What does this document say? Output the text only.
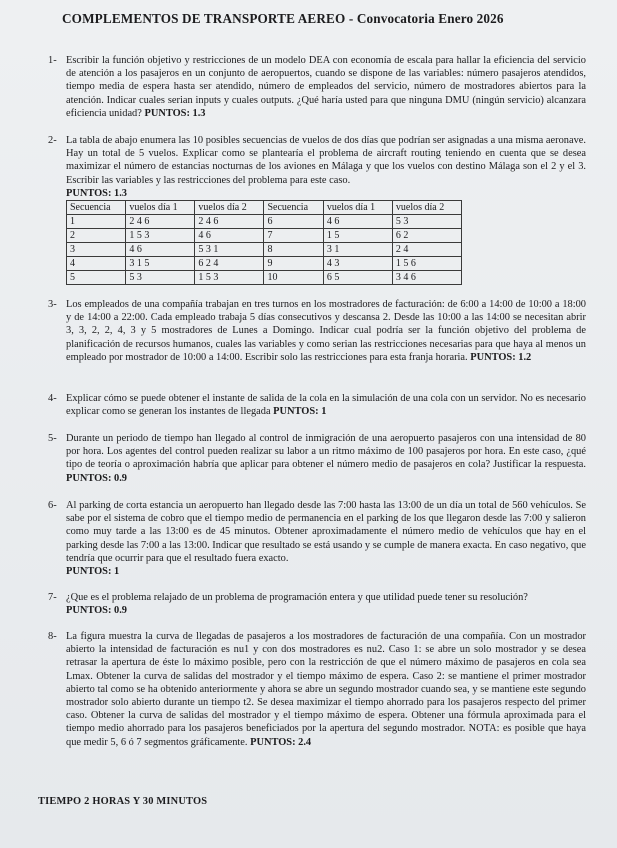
COMPLEMENTOS DE TRANSPORTE AEREO - Convocatoria Enero 2026
1- Escribir la función objetivo y restricciones de un modelo DEA con economía de escala para hallar la eficiencia del servicio de atención a los pasajeros en un conjunto de aeropuertos, cuando se dispone de las variables: número pasajeros atendidos, tiempo media de espera hasta ser atendido, número de empleados del servicio, número de mostradores abiertos para la atención. Indicar cuales serian inputs y cuales outputs. ¿Qué haría usted para que ninguna DMU (ningún servicio) alcanzara eficiencia unidad? PUNTOS: 1.3
2- La tabla de abajo enumera las 10 posibles secuencias de vuelos de dos días que podrían ser asignadas a una misma aeronave. Hay un total de 5 vuelos. Explicar como se plantearía el problema de aircraft routing teniendo en cuenta que se desea maximizar el número de estancias nocturnas de los aviones en Málaga y que los vuelos con destino Málaga son el 2 y el 3. Escribir las variables y las restricciones del problema para este caso.
PUNTOS: 1.3
Secuencia	vuelos día 1	vuelos día 2	Secuencia	vuelos día 1	vuelos día 2
1	2 4 6	2 4 6	6	4 6	5 3
2	1 5 3	4 6	7	1 5	6 2
3	4 6	5 3 1	8	3 1	2 4
4	3 1 5	6 2 4	9	4 3	1 5 6
5	5 3	1 5 3	10	6 5	3 4 6
3- Los empleados de una compañía trabajan en tres turnos en los mostradores de facturación: de 6:00 a 14:00 de 10:00 a 18:00 y de 14:00 a 22:00. Cada empleado trabaja 5 días consecutivos y descansa 2. Desde las 10:00 a las 14:00 se necesitan abrir 3, 3, 2, 2, 4, 3 y 5 mostradores de Lunes a Domingo. Indicar cual podría ser la función objetivo del problema de planificación de recursos humanos, cuales las variables y como serian las restricciones necesarias para que haya al menos un empleado por mostrador de 10:00 a 14:00. Escribir solo las restricciones para esta franja horaria. PUNTOS: 1.2
4- Explicar cómo se puede obtener el instante de salida de la cola en la simulación de una cola con un servidor. No es necesario explicar como se generan los instantes de llegada PUNTOS: 1
5- Durante un periodo de tiempo han llegado al control de inmigración de una aeropuerto pasajeros con una intensidad de 80 por hora. Los agentes del control pueden realizar su labor a un ritmo máximo de 100 pasajeros por hora. En este caso, ¿qué tipo de teoría o aproximación habría que aplicar para obtener el número medio de pasajeros en cola? Justificar la respuesta. PUNTOS: 0.9
6- Al parking de corta estancia un aeropuerto han llegado desde las 7:00 hasta las 13:00 de un día un total de 560 vehículos. Se sabe por el sistema de cobro que el tiempo medio de permanencia en el parking de los que llegaron desde las 7:00 y salieron como muy tarde a las 13:00 es de 45 minutos. Obtener aproximadamente el número medio de vehículos que hay en el parking desde las 7:00 a las 13:00. Indicar que resultado se está usando y se cumple de manera exacta. En caso negativo, que tendría que ocurrir para que el resultado fuera exacto.
PUNTOS: 1
7- ¿Que es el problema relajado de un problema de programación entera y que utilidad puede tener su resolución?
PUNTOS: 0.9
8- La figura muestra la curva de llegadas de pasajeros a los mostradores de facturación de una compañía. Con un mostrador abierto la intensidad de facturación es nu1 y con dos mostradores es nu2. Caso 1: se abre un solo mostrador y se desea retrasar la apertura de éste lo máximo posible, pero con la restricción de que el número máximo de pasajeros en cola sea Lmax. Obtener la curva de salidas del mostrador y el tiempo máximo de espera. Caso 2: se mantiene el primer mostrador abierto tal como se ha obtenido anteriormente y ahora se abre un segundo mostrador cuando sea, y se mantiene este segundo mostrador solo abierto durante un tiempo t2. Se desea maximizar el tiempo ahorrado para los pasajeros respecto del primer caso. Obtener la curva de salidas del mostrador y el tiempo máximo de espera. Obtener una fórmula aproximada para el tiempo medio ahorrado para los pasajeros beneficiados por la apertura del segundo mostrador. NOTA: es posible que haya que medir 5, 6 ó 7 segmentos gráficamente. PUNTOS: 2.4
TIEMPO 2 HORAS Y 30 MINUTOS
